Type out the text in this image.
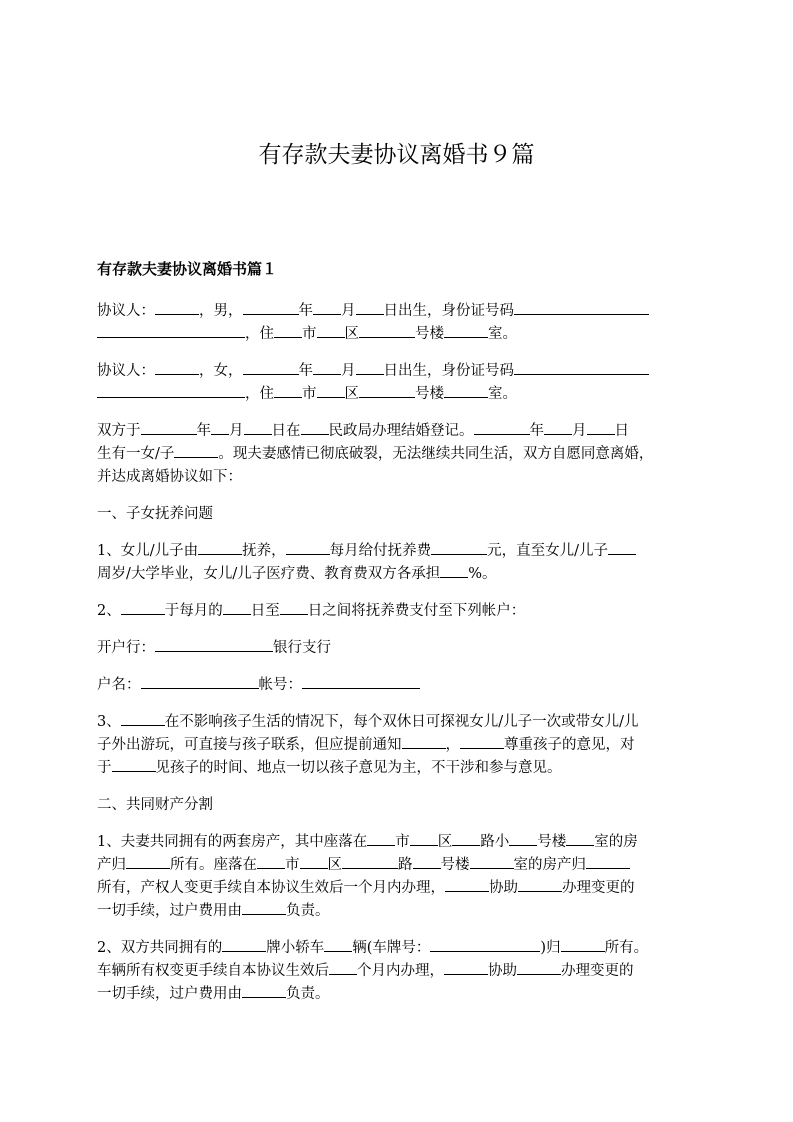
有存款夫妻协议离婚书９篇
有存款夫妻协议离婚书篇１
协议人：	，男，	年 月 日出生，身份证号码
，住 市 区	号楼	室。
协议人：	，女，	年 月 日出生，身份证号码
，住 市 区	号楼	室。
双方于	年 月 日在 民政局办理结婚登记。	年 月 日
生有一女/子	。现夫妻感情已彻底破裂，无法继续共同生活，双方自愿同意离婚，
并达成离婚协议如下：
一、子女抚养问题
1、女儿/儿子由	抚养，	每月给付抚养费	元，直至女儿/儿子
周岁/大学毕业，女儿/儿子医疗费、教育费双方各承担 %。
2、	于每月的 日至 日之间将抚养费支付至下列帐户：
开户行：	银行支行
户名：	帐号：
3、	在不影响孩子生活的情况下，每个双休日可探视女儿/儿子一次或带女儿/儿
子外出游玩，可直接与孩子联系，但应提前通知	，	尊重孩子的意见，对
于	见孩子的时间、地点一切以孩子意见为主，不干涉和参与意见。
二、共同财产分割
1、夫妻共同拥有的两套房产，其中座落在 市 区 路小 号楼 室的房
产归	所有。座落在 市 区	路 号楼	室的房产归
所有，产权人变更手续自本协议生效后一个月内办理，	协助	办理变更的
一切手续，过户费用由	负责。
2、双方共同拥有的	牌小轿车 辆(车牌号：	)归	所有。
车辆所有权变更手续自本协议生效后 个月内办理，	协助	办理变更的
一切手续，过户费用由	负责。
